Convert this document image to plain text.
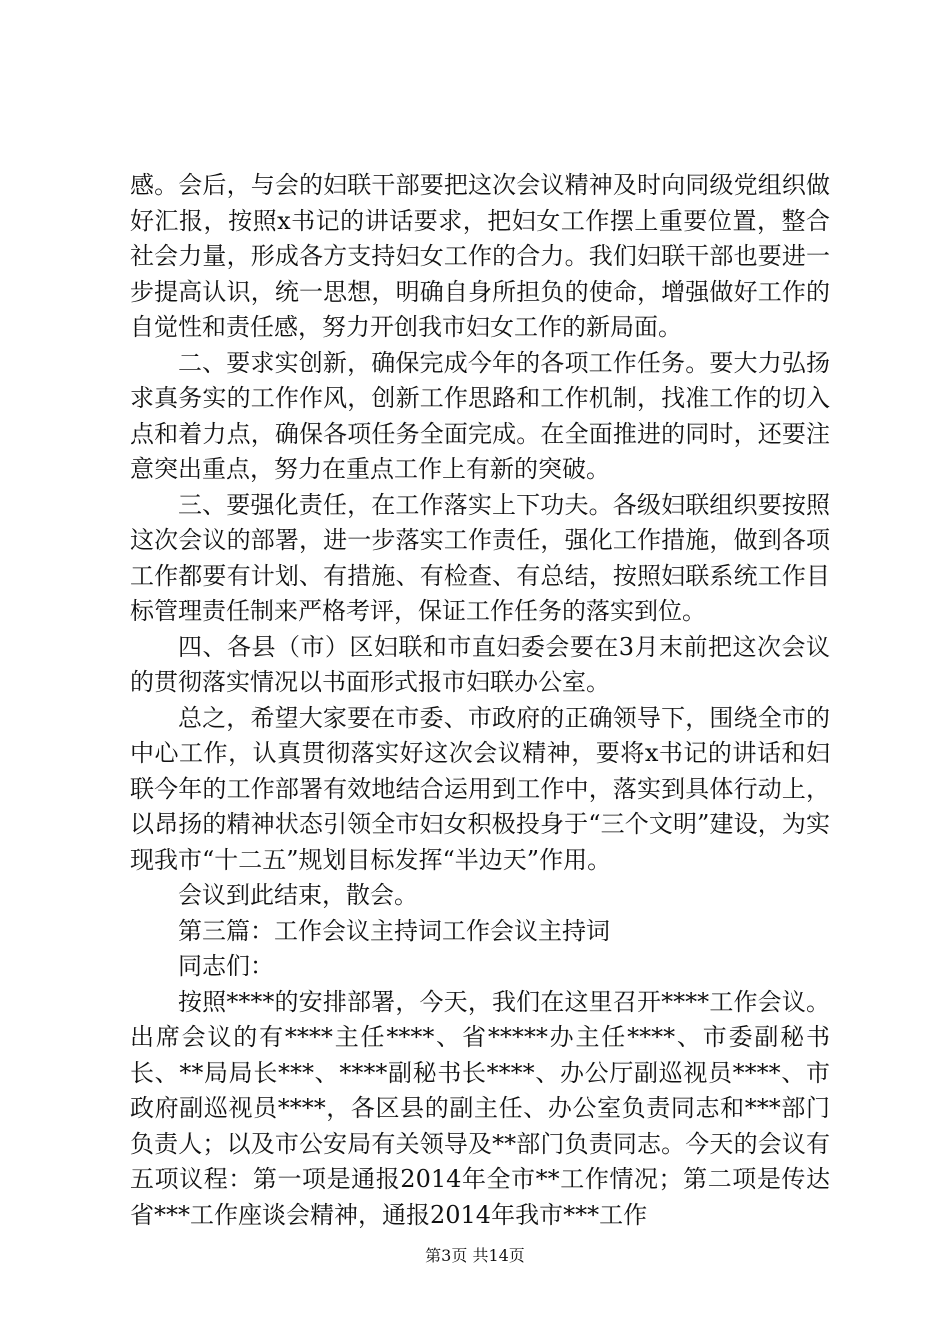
感。会后，与会的妇联干部要把这次会议精神及时向同级党组织做好汇报，按照x书记的讲话要求，把妇女工作摆上重要位置，整合社会力量，形成各方支持妇女工作的合力。我们妇联干部也要进一步提高认识，统一思想，明确自身所担负的使命，增强做好工作的自觉性和责任感，努力开创我市妇女工作的新局面。

二、要求实创新，确保完成今年的各项工作任务。要大力弘扬求真务实的工作作风，创新工作思路和工作机制，找准工作的切入点和着力点，确保各项任务全面完成。在全面推进的同时，还要注意突出重点，努力在重点工作上有新的突破。

三、要强化责任，在工作落实上下功夫。各级妇联组织要按照这次会议的部署，进一步落实工作责任，强化工作措施，做到各项工作都要有计划、有措施、有检查、有总结，按照妇联系统工作目标管理责任制来严格考评，保证工作任务的落实到位。

四、各县（市）区妇联和市直妇委会要在3月末前把这次会议的贯彻落实情况以书面形式报市妇联办公室。

总之，希望大家要在市委、市政府的正确领导下，围绕全市的中心工作，认真贯彻落实好这次会议精神，要将x书记的讲话和妇联今年的工作部署有效地结合运用到工作中，落实到具体行动上，以昂扬的精神状态引领全市妇女积极投身于“三个文明”建设，为实现我市“十二五”规划目标发挥“半边天”作用。

会议到此结束，散会。

第三篇：工作会议主持词工作会议主持词

同志们：

按照****的安排部署，今天，我们在这里召开****工作会议。出席会议的有****主任****、省*****办主任****、市委副秘书长、**局局长***、****副秘书长****、办公厅副巡视员****、市政府副巡视员****，各区县的副主任、办公室负责同志和***部门负责人；以及市公安局有关领导及**部门负责同志。今天的会议有五项议程：第一项是通报2014年全市**工作情况；第二项是传达省***工作座谈会精神，通报2014年我市***工作

第3页 共14页
